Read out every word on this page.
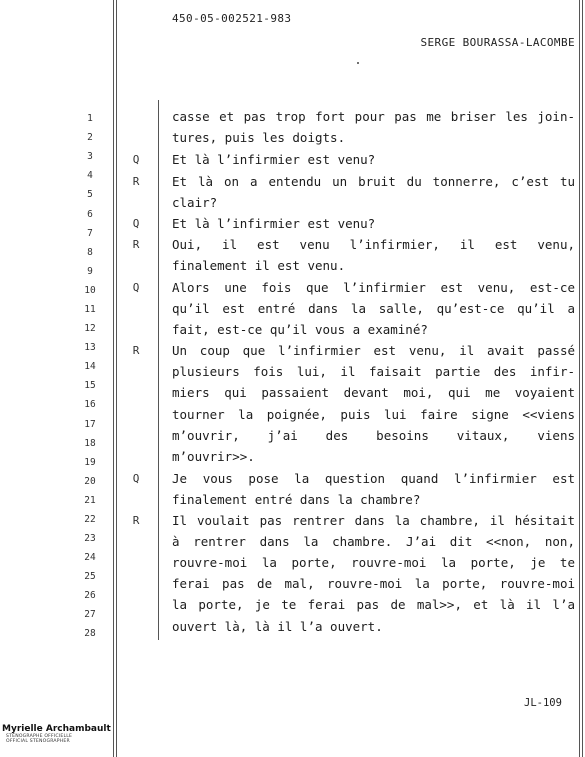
450-05-002521-983
SERGE BOURASSA-LACOMBE
1
2
3
4
5
6
7
8
9
10
11
12
13
14
15
16
17
18
19
20
21
22
23
24
25
26
27
28
Q
R
Q
R
Q
R
Q
R
casse et pas trop fort pour pas me briser les join-
tures, puis les doigts.
Et là l’infirmier est venu?
Et là on a entendu un bruit du tonnerre, c’est tu
clair?
Et là l’infirmier est venu?
Oui, il est venu l’infirmier, il est venu,
finalement il est venu.
Alors une fois que l’infirmier est venu, est-ce
qu’il est entré dans la salle, qu’est-ce qu’il a
fait, est-ce qu’il vous a examiné?
Un coup que l’infirmier est venu, il avait passé
plusieurs fois lui, il faisait partie des infir-
miers qui passaient devant moi, qui me voyaient
tourner la poignée, puis lui faire signe <<viens
m’ouvrir, j’ai des besoins vitaux, viens
m’ouvrir>>.
Je vous pose la question quand l’infirmier est
finalement entré dans la chambre?
Il voulait pas rentrer dans la chambre, il hésitait
à rentrer dans la chambre. J’ai dit <<non, non,
rouvre-moi la porte, rouvre-moi la porte, je te
ferai pas de mal, rouvre-moi la porte, rouvre-moi
la porte, je te ferai pas de mal>>, et là il l’a
ouvert là, là il l’a ouvert.
JL-109
Myrielle Archambault
STÉNOGRAPHE OFFICIELLE
OFFICIAL STENOGRAPHER
